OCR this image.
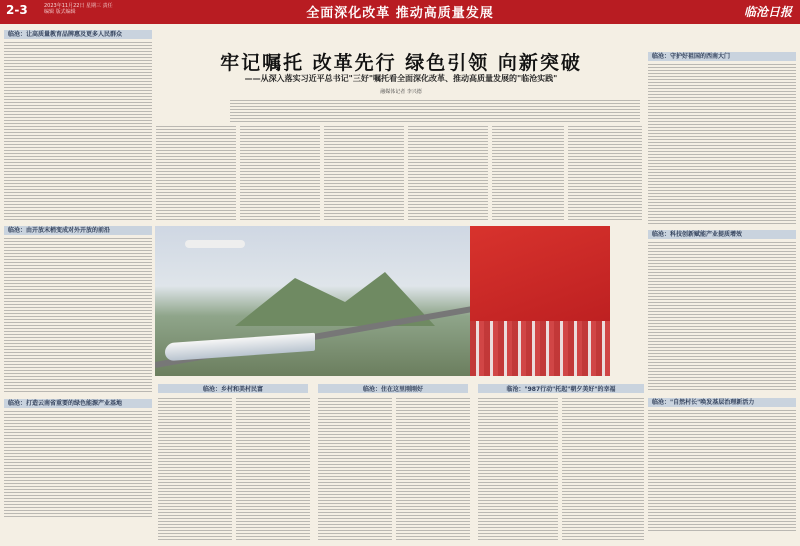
2-3	2023年11月22日 星期三 责任编辑 版式编辑	全面深化改革 推动高质量发展	临沧日报
临沧：让高质量教育品牌惠及更多人民群众
临沧：由开放末梢变成对外开放的前沿
临沧：打造云南省重要的绿色能源产业基地
临沧：守护好祖国的西南大门
临沧：科技创新赋能产业提质增效
临沧："自然村长"唤发基层治理新活力
牢记嘱托 改革先行 绿色引领 向新突破
——从深入落实习近平总书记"三好"嘱托看全面深化改革、推动高质量发展的"临沧实践"
融媒体记者 李兴德
临沧：乡村和美村民富	临沧：住在这里刚刚好	临沧："987行动"托起"朝夕美好"的幸福
